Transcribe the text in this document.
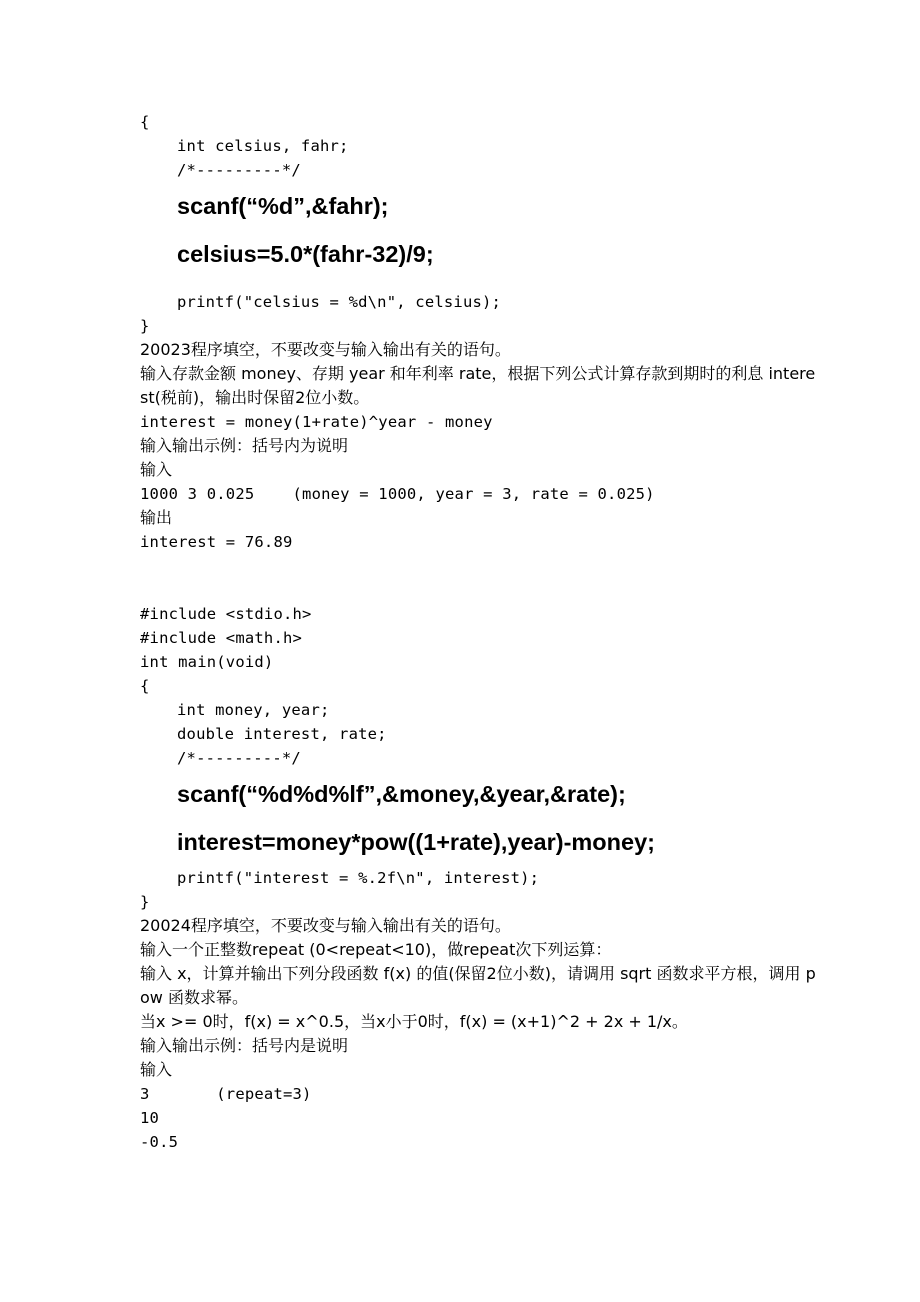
{
int celsius, fahr;
/*---------*/
scanf(“%d”,&fahr);
celsius=5.0*(fahr-32)/9;
printf("celsius = %d\n", celsius);
}
20023程序填空，不要改变与输入输出有关的语句。
输入存款金额 money、存期 year 和年利率 rate，根据下列公式计算存款到期时的利息 interest(税前)，输出时保留2位小数。
interest = money(1+rate)^year - money
输入输出示例：括号内为说明
输入
1000 3 0.025    (money = 1000, year = 3, rate = 0.025)
输出
interest = 76.89
#include <stdio.h>
#include <math.h>
int main(void)
{
int money, year;
double interest, rate;
/*---------*/
scanf(“%d%d%lf”,&money,&year,&rate);
interest=money*pow((1+rate),year)-money;
printf("interest = %.2f\n", interest);
}
20024程序填空，不要改变与输入输出有关的语句。
输入一个正整数repeat (0<repeat<10)，做repeat次下列运算：
输入 x，计算并输出下列分段函数 f(x) 的值(保留2位小数)，请调用 sqrt 函数求平方根，调用 pow 函数求幂。
当x >= 0时，f(x) = x^0.5，当x小于0时，f(x) = (x+1)^2 + 2x + 1/x。
输入输出示例：括号内是说明
输入
3       (repeat=3)
10
-0.5
